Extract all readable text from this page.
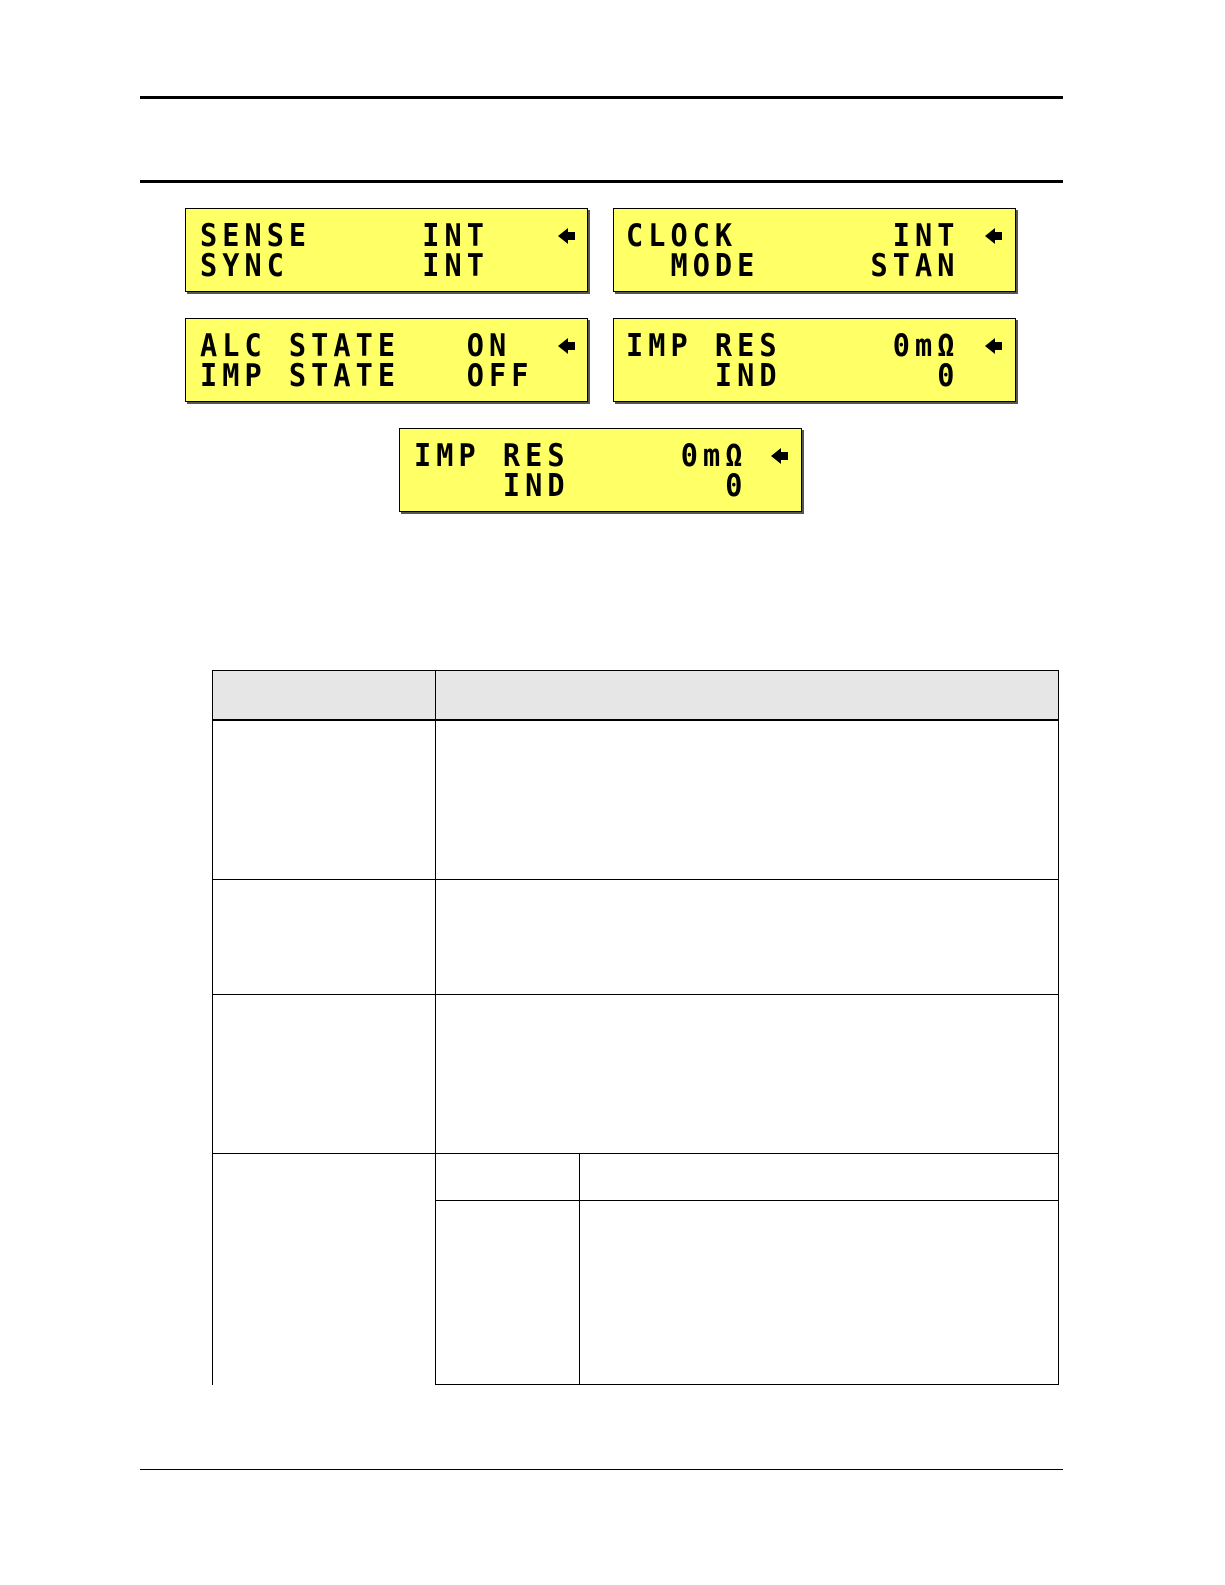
SENSE     INT
SYNC      INT
CLOCK       INT
MODE     STAN
ALC STATE   ON
IMP STATE   OFF
IMP RES     0mΩ
IND       0
IMP RES     0mΩ
IND       0
